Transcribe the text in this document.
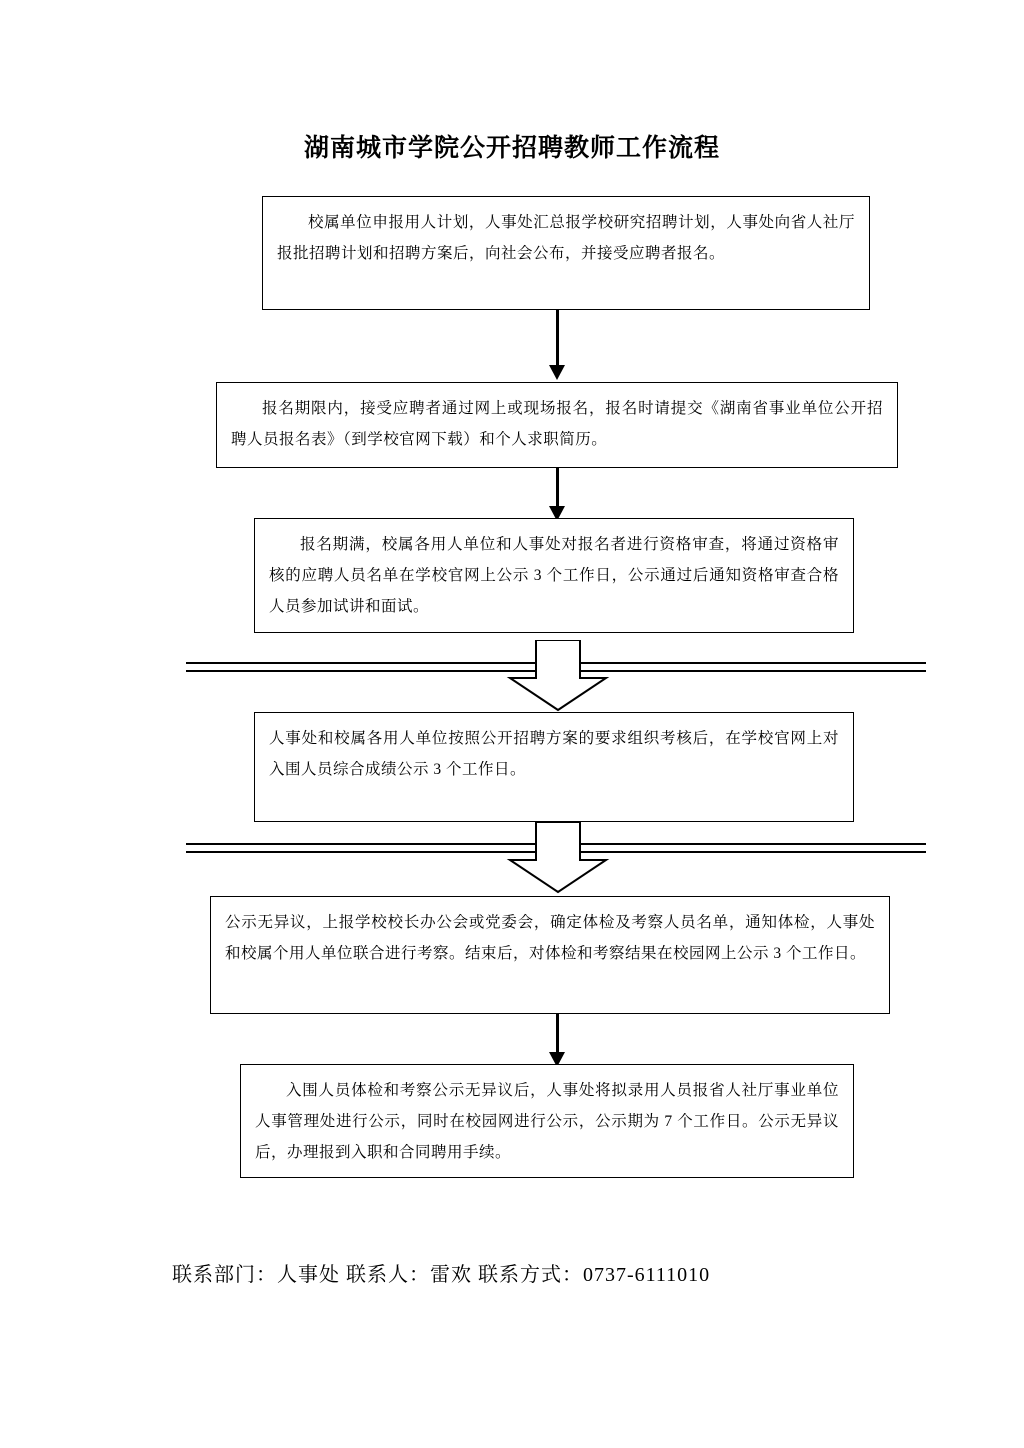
湖南城市学院公开招聘教师工作流程

校属单位申报用人计划，人事处汇总报学校研究招聘计划，人事处向省人社厅报批招聘计划和招聘方案后，向社会公布，并接受应聘者报名。

报名期限内，接受应聘者通过网上或现场报名，报名时请提交《湖南省事业单位公开招聘人员报名表》（到学校官网下载）和个人求职简历。

报名期满，校属各用人单位和人事处对报名者进行资格审查，将通过资格审核的应聘人员名单在学校官网上公示 3 个工作日，公示通过后通知资格审查合格人员参加试讲和面试。

人事处和校属各用人单位按照公开招聘方案的要求组织考核后，在学校官网上对入围人员综合成绩公示 3 个工作日。

公示无异议，上报学校校长办公会或党委会，确定体检及考察人员名单，通知体检，人事处和校属个用人单位联合进行考察。结束后，对体检和考察结果在校园网上公示 3 个工作日。

入围人员体检和考察公示无异议后，人事处将拟录用人员报省人社厅事业单位人事管理处进行公示，同时在校园网进行公示，公示期为 7 个工作日。公示无异议后，办理报到入职和合同聘用手续。

联系部门：人事处 联系人：雷欢 联系方式：0737-6111010
